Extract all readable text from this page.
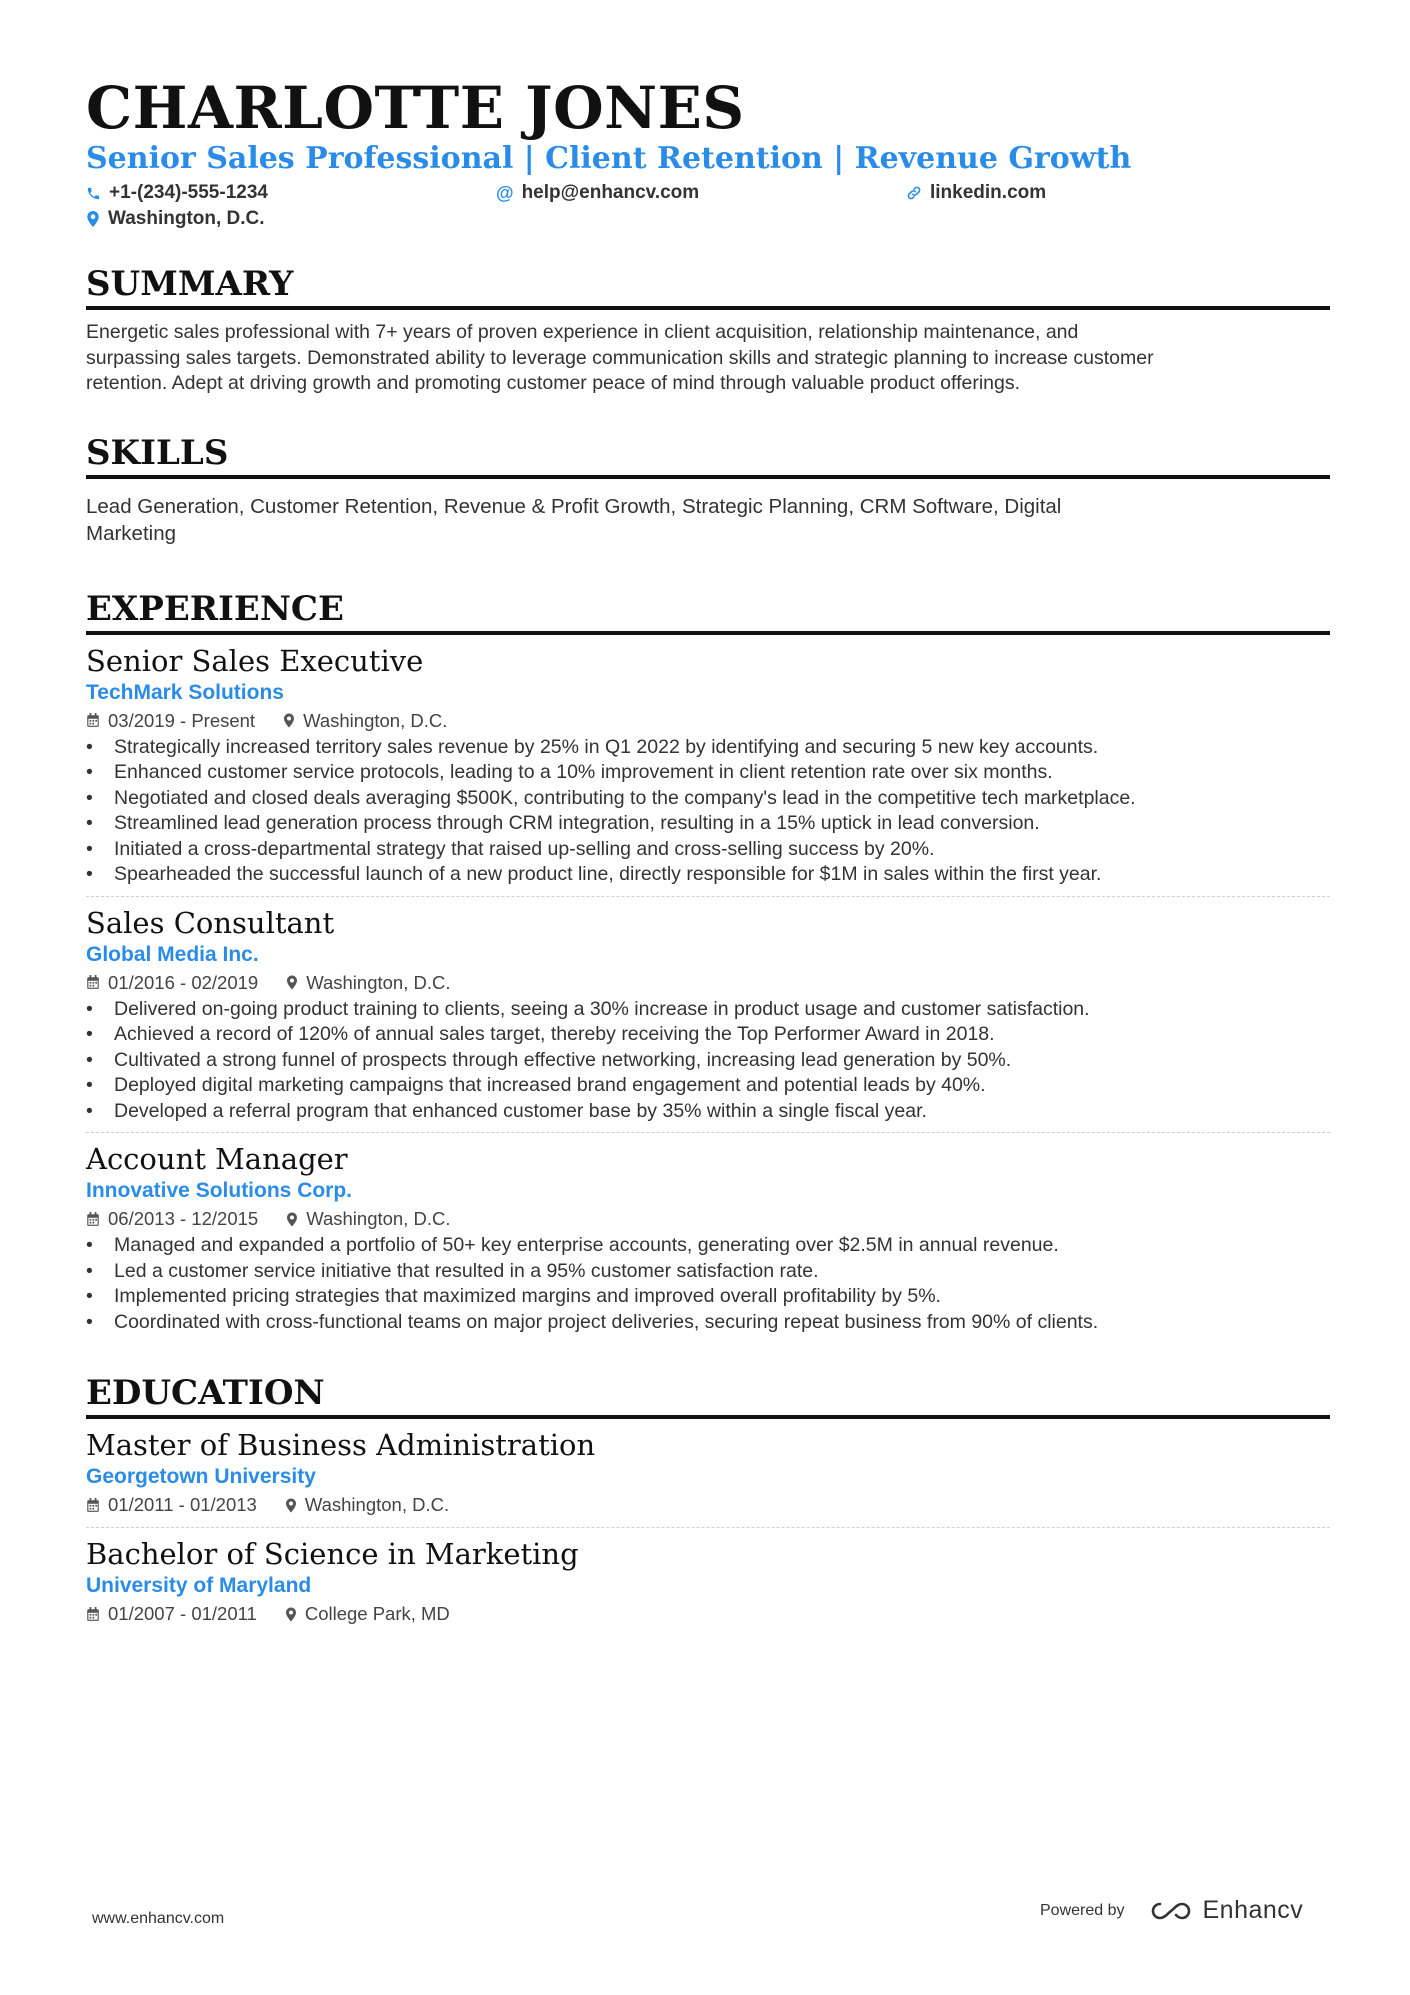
CHARLOTTE JONES
Senior Sales Professional | Client Retention | Revenue Growth
+1-(234)-555-1234	@ help@enhancv.com	linkedin.com
Washington, D.C.
SUMMARY

Energetic sales professional with 7+ years of proven experience in client acquisition, relationship maintenance, and

surpassing sales targets. Demonstrated ability to leverage communication skills and strategic planning to increase customer

retention. Adept at driving growth and promoting customer peace of mind through valuable product offerings.

SKILLS

Lead Generation, Customer Retention, Revenue & Profit Growth, Strategic Planning, CRM Software, Digital

Marketing

EXPERIENCE
Senior Sales Executive
TechMark Solutions
03/2019 - Present	Washington, D.C.
•	Strategically increased territory sales revenue by 25% in Q1 2022 by identifying and securing 5 new key accounts.
•	Enhanced customer service protocols, leading to a 10% improvement in client retention rate over six months.
•	Negotiated and closed deals averaging $500K, contributing to the company's lead in the competitive tech marketplace.
•	Streamlined lead generation process through CRM integration, resulting in a 15% uptick in lead conversion.
•	Initiated a cross-departmental strategy that raised up-selling and cross-selling success by 20%.
•	Spearheaded the successful launch of a new product line, directly responsible for $1M in sales within the first year.
Sales Consultant
Global Media Inc.
01/2016 - 02/2019	Washington, D.C.
•	Delivered on-going product training to clients, seeing a 30% increase in product usage and customer satisfaction.
•	Achieved a record of 120% of annual sales target, thereby receiving the Top Performer Award in 2018.
•	Cultivated a strong funnel of prospects through effective networking, increasing lead generation by 50%.
•	Deployed digital marketing campaigns that increased brand engagement and potential leads by 40%.
•	Developed a referral program that enhanced customer base by 35% within a single fiscal year.
Account Manager
Innovative Solutions Corp.
06/2013 - 12/2015	Washington, D.C.
•	Managed and expanded a portfolio of 50+ key enterprise accounts, generating over $2.5M in annual revenue.
•	Led a customer service initiative that resulted in a 95% customer satisfaction rate.
•	Implemented pricing strategies that maximized margins and improved overall profitability by 5%.
•	Coordinated with cross-functional teams on major project deliveries, securing repeat business from 90% of clients.
EDUCATION
Master of Business Administration
Georgetown University
01/2011 - 01/2013	Washington, D.C.
Bachelor of Science in Marketing
University of Maryland
01/2007 - 01/2011	College Park, MD
www.enhancv.com	Powered by	Enhancv
